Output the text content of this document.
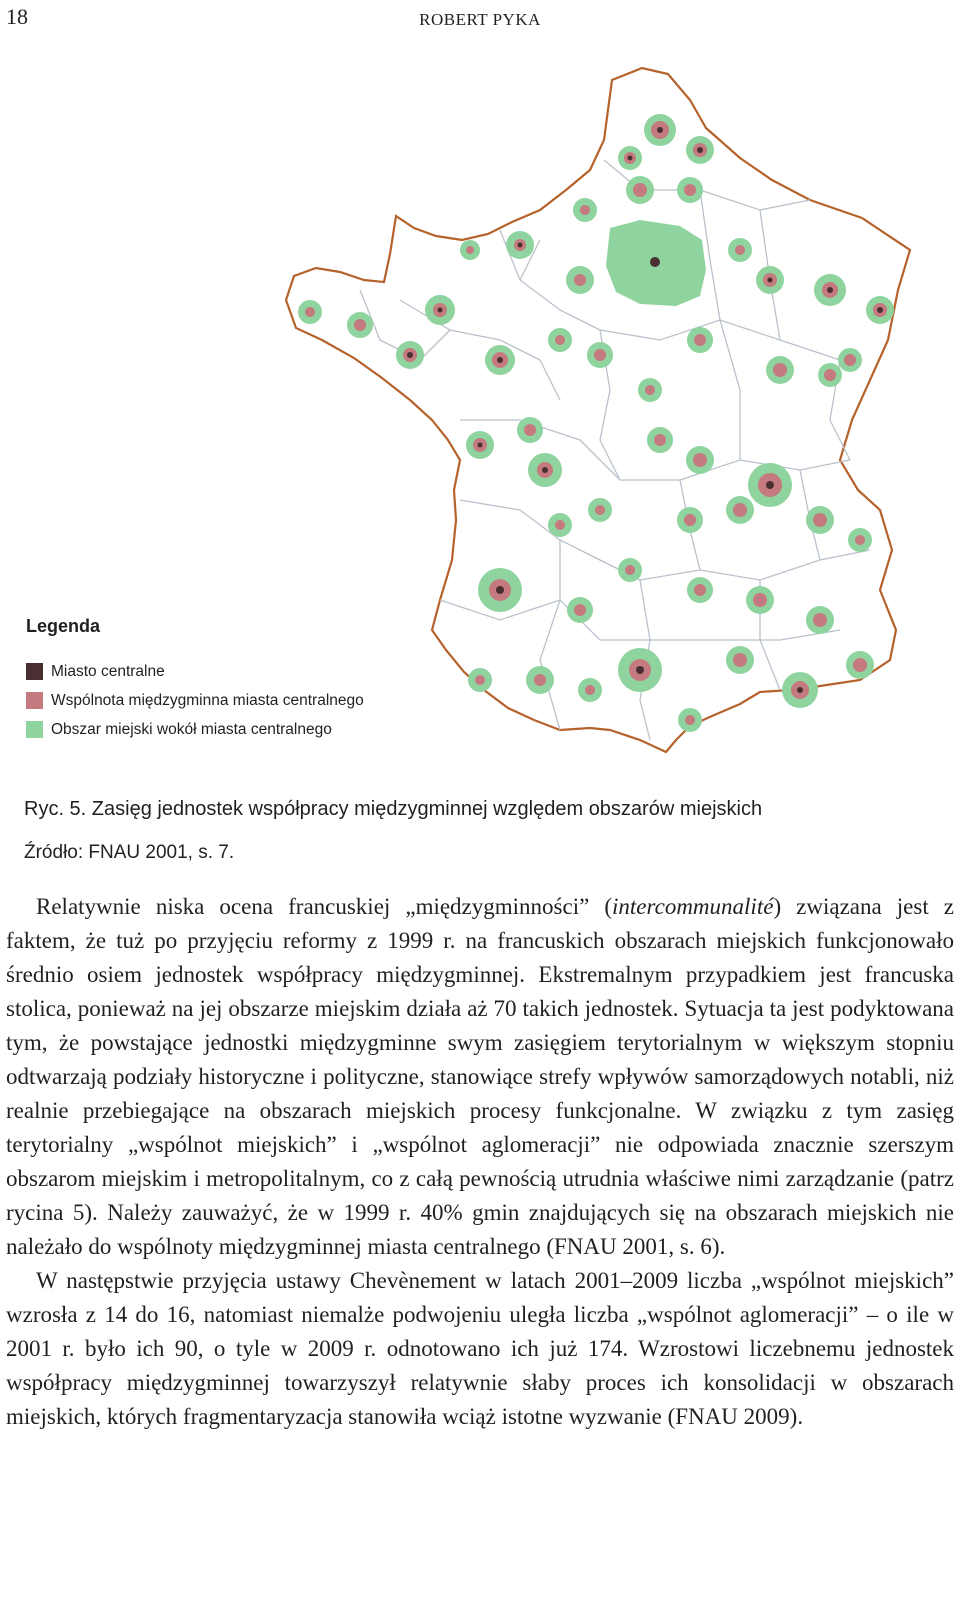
18	ROBERT PYKA
Legenda
Miasto centralne
Wspólnota międzygminna miasta centralnego
Obszar miejski wokół miasta centralnego
Ryc. 5. Zasięg jednostek współpracy międzygminnej względem obszarów miejskich
Źródło: FNAU 2001, s. 7.

Relatywnie niska ocena francuskiej „międzygminności” (intercommunalité) związana jest z faktem, że tuż po przyjęciu reformy z 1999 r. na francuskich obszarach miejskich funkcjonowało średnio osiem jednostek współpracy międzygminnej. Ekstremalnym przypadkiem jest francuska stolica, ponieważ na jej obszarze miejskim działa aż 70 takich jednostek. Sytuacja ta jest podyktowana tym, że powstające jednostki międzygminne swym zasięgiem terytorialnym w większym stopniu odtwarzają podziały historyczne i polityczne, stanowiące strefy wpływów samorządowych notabli, niż realnie przebiegające na obszarach miejskich procesy funkcjonalne. W związku z tym zasięg terytorialny „wspólnot miejskich” i „wspólnot aglomeracji” nie odpowiada znacznie szerszym obszarom miejskim i metropolitalnym, co z całą pewnością utrudnia właściwe nimi zarządzanie (patrz rycina 5). Należy zauważyć, że w 1999 r. 40% gmin znajdujących się na obszarach miejskich nie należało do wspólnoty międzygminnej miasta centralnego (FNAU 2001, s. 6).

W następstwie przyjęcia ustawy Chevènement w latach 2001–2009 liczba „wspólnot miejskich” wzrosła z 14 do 16, natomiast niemalże podwojeniu uległa liczba „wspólnot aglomeracji” – o ile w 2001 r. było ich 90, o tyle w 2009 r. odnotowano ich już 174. Wzrostowi liczebnemu jednostek współpracy międzygminnej towarzyszył relatywnie słaby proces ich konsolidacji w obszarach miejskich, których fragmentaryzacja stanowiła wciąż istotne wyzwanie (FNAU 2009).
